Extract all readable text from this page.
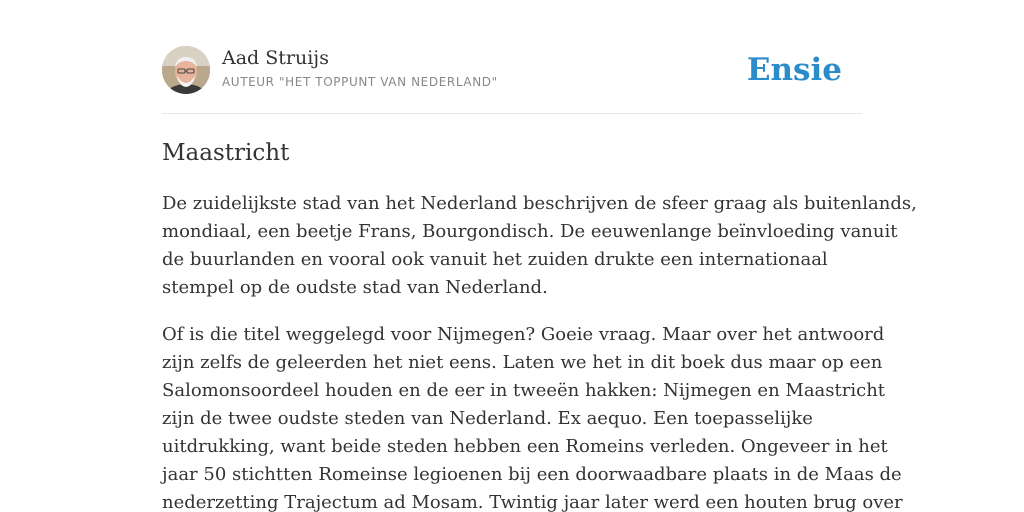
Aad Struijs
AUTEUR "HET TOPPUNT VAN NEDERLAND"	Ensie
Maastricht

De zuidelijkste stad van het Nederland beschrijven de sfeer graag als buitenlands,
mondiaal, een beetje Frans, Bourgondisch. De eeuwenlange beïnvloeding vanuit
de buurlanden en vooral ook vanuit het zuiden drukte een internationaal
stempel op de oudste stad van Nederland.

Of is die titel weggelegd voor Nijmegen? Goeie vraag. Maar over het antwoord
zijn zelfs de geleerden het niet eens. Laten we het in dit boek dus maar op een
Salomonsoordeel houden en de eer in tweeën hakken: Nijmegen en Maastricht
zijn de twee oudste steden van Nederland. Ex aequo. Een toepasselijke
uitdrukking, want beide steden hebben een Romeins verleden. Ongeveer in het
jaar 50 stichtten Romeinse legioenen bij een doorwaadbare plaats in de Maas de
nederzetting Trajectum ad Mosam. Twintig jaar later werd een houten brug over
